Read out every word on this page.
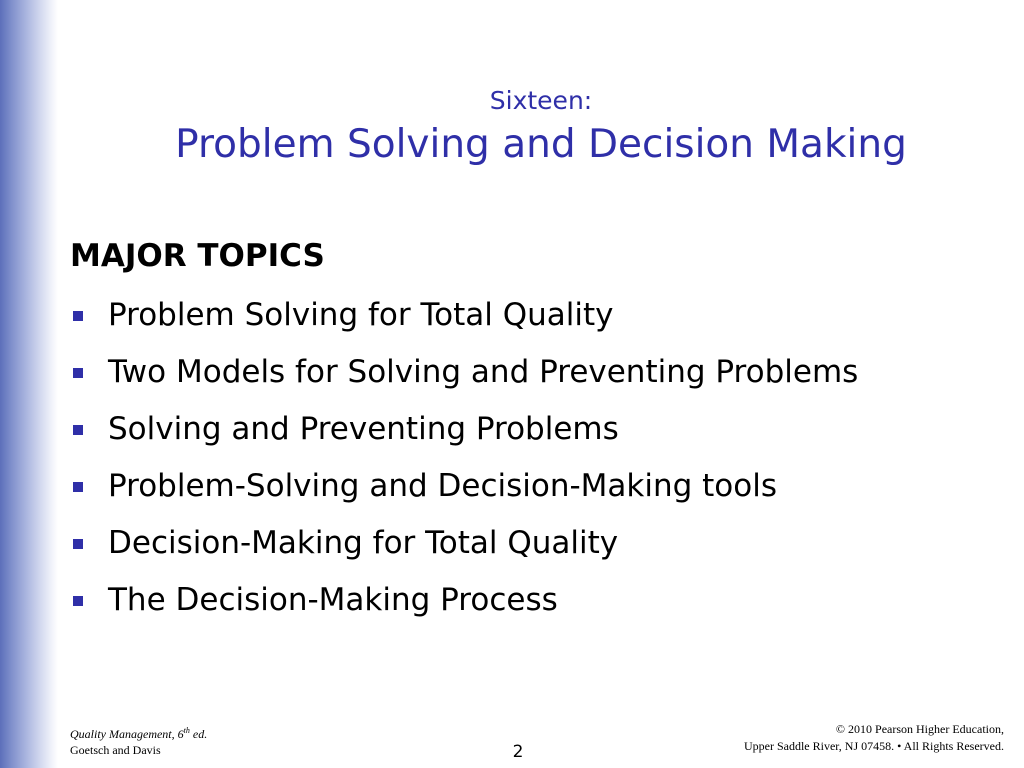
Sixteen:
Problem Solving and Decision Making
MAJOR TOPICS
Problem Solving for Total Quality
Two Models for Solving and Preventing Problems
Solving and Preventing Problems
Problem-Solving and Decision-Making tools
Decision-Making for Total Quality
The Decision-Making Process
Quality Management, 6th ed.
Goetsch and Davis	2
© 2010 Pearson Higher Education,
Upper Saddle River, NJ 07458. • All Rights Reserved.
